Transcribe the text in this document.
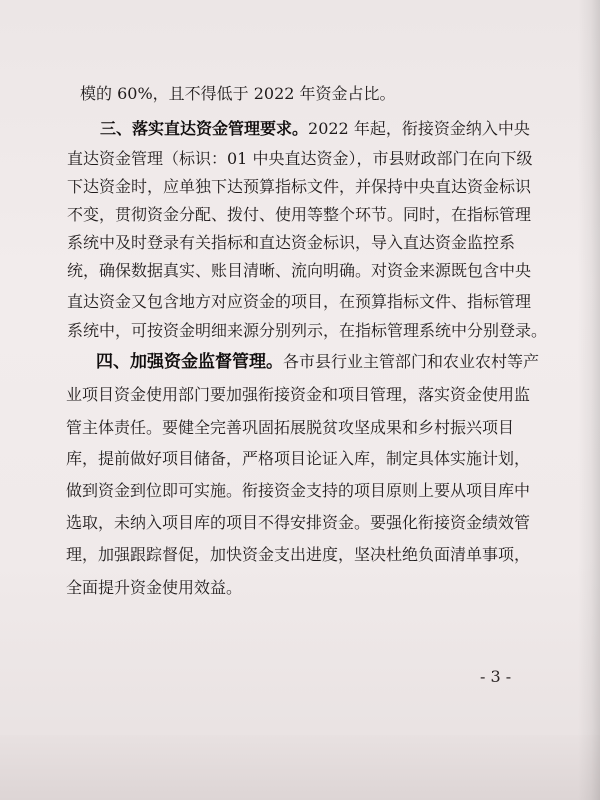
模的 60%，且不得低于 2022 年资金占比。
三、落实直达资金管理要求。2022 年起，衔接资金纳入中央
直达资金管理（标识：01 中央直达资金），市县财政部门在向下级
下达资金时，应单独下达预算指标文件，并保持中央直达资金标识
不变，贯彻资金分配、拨付、使用等整个环节。同时，在指标管理
系统中及时登录有关指标和直达资金标识，导入直达资金监控系
统，确保数据真实、账目清晰、流向明确。对资金来源既包含中央
直达资金又包含地方对应资金的项目，在预算指标文件、指标管理
系统中，可按资金明细来源分别列示，在指标管理系统中分别登录。
四、加强资金监督管理。各市县行业主管部门和农业农村等产
业项目资金使用部门要加强衔接资金和项目管理，落实资金使用监
管主体责任。要健全完善巩固拓展脱贫攻坚成果和乡村振兴项目
库，提前做好项目储备，严格项目论证入库，制定具体实施计划，
做到资金到位即可实施。衔接资金支持的项目原则上要从项目库中
选取，未纳入项目库的项目不得安排资金。要强化衔接资金绩效管
理，加强跟踪督促，加快资金支出进度，坚决杜绝负面清单事项，
全面提升资金使用效益。
- 3 -
